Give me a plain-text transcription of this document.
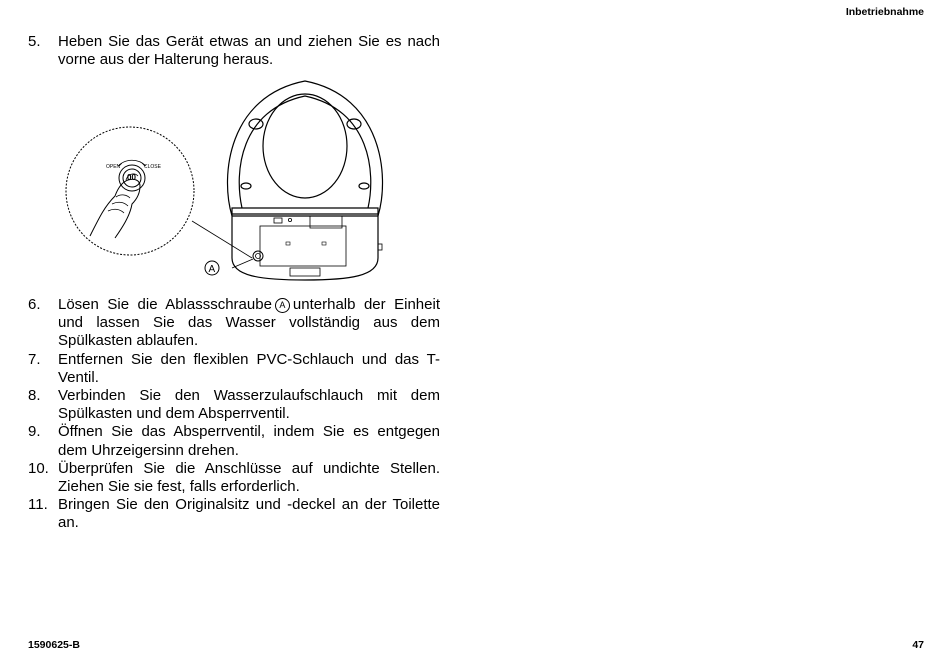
Inbetriebnahme
5. Heben Sie das Gerät etwas an und ziehen Sie es nach vorne aus der Halterung heraus.
OPEN	CLOSE
00
A
6. Lösen Sie die Ablassschraube A unterhalb der Einheit und lassen Sie das Wasser vollständig aus dem Spülkasten ablaufen.
7. Entfernen Sie den flexiblen PVC-Schlauch und das T-Ventil.
8. Verbinden Sie den Wasserzulaufschlauch mit dem Spülkasten und dem Absperrventil.
9. Öffnen Sie das Absperrventil, indem Sie es entgegen dem Uhrzeigersinn drehen.
10. Überprüfen Sie die Anschlüsse auf undichte Stellen. Ziehen Sie sie fest, falls erforderlich.
11. Bringen Sie den Originalsitz und -deckel an der Toilette an.
1590625-B	47
